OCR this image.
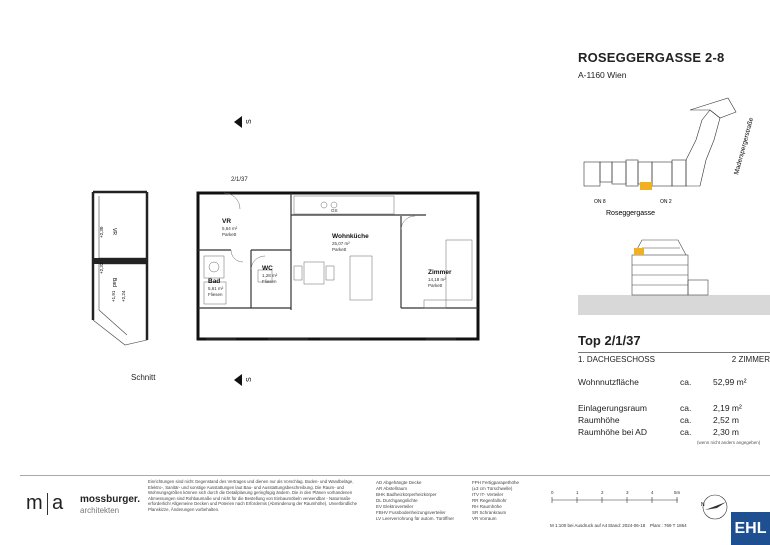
ROSEGGERGASSE 2-8
A-1160 Wien
ON 8	ON 2
Roseggergasse
Maderspergerstraße
Top 2/1/37
1. DACHGESCHOSS	2 ZIMMER
Wohnnutzfläche	ca.	52,99 m²
Einlagerungsraum	ca.	2,19 m²
Raumhöhe	ca.	2,52 m
Raumhöhe bei AD	ca.	2,30 m
(wenn nicht anders angegeben)
VR
Bad
+2,30
+2,32
+1,91 +2,24
Schnitt
S
S
2/1/37
VR
Wohnküche
WC
Bad
Zimmer
5,64 m²
Parkett
25,07 m²
Parkett
1,28 m²
Fliesen
5,61 m²
Fliesen
14,18 m²
Parkett
GS
m a mossburger.
architekten
Einrichtungen sind nicht Gegenstand des Vertrages und dienen nur als Vorschlag. Boden- und Wandbeläge, Elektro-, Sanitär- und sonstige Ausstattungen laut Bau- und Ausstattungsbeschreibung. Die Raum- und Wohnungsgrößen können sich durch die Detailplanung geringfügig ändern. Die in den Plänen vorhandenen Abmessungen sind Rohbaumaße und nicht für die Bestellung von Einbaumöbeln verwendbar - Naturmaße erforderlich! Allgemeine Decken und Poterien nach Erfordernis (Abminderung der Raumhöhe). Unverbindliche Planskizze, Änderungen vorbehalten.
AD Abgehängte Decke
AR Abstellraum
BHK Badheizkörperheizkörper
DL Durchgangslichte
EV Elektroverteiler
FBHV Fussbodenheizungsverteiler
LV Leerverrohrung für autom. Türöffner
FPH Fertigparapethöhe
(±3 cm Türschwelle)
ITV IT- Verteiler
RR Regenfallrohr
RH Raumhöhe
SR Schrankraum
VR Vorraum
0	1	2	3	4	5m
M 1:100 bei Ausdruck auf A4 Stand: 2024-06-18 Planr.: 769 T 1864
N
EHL
